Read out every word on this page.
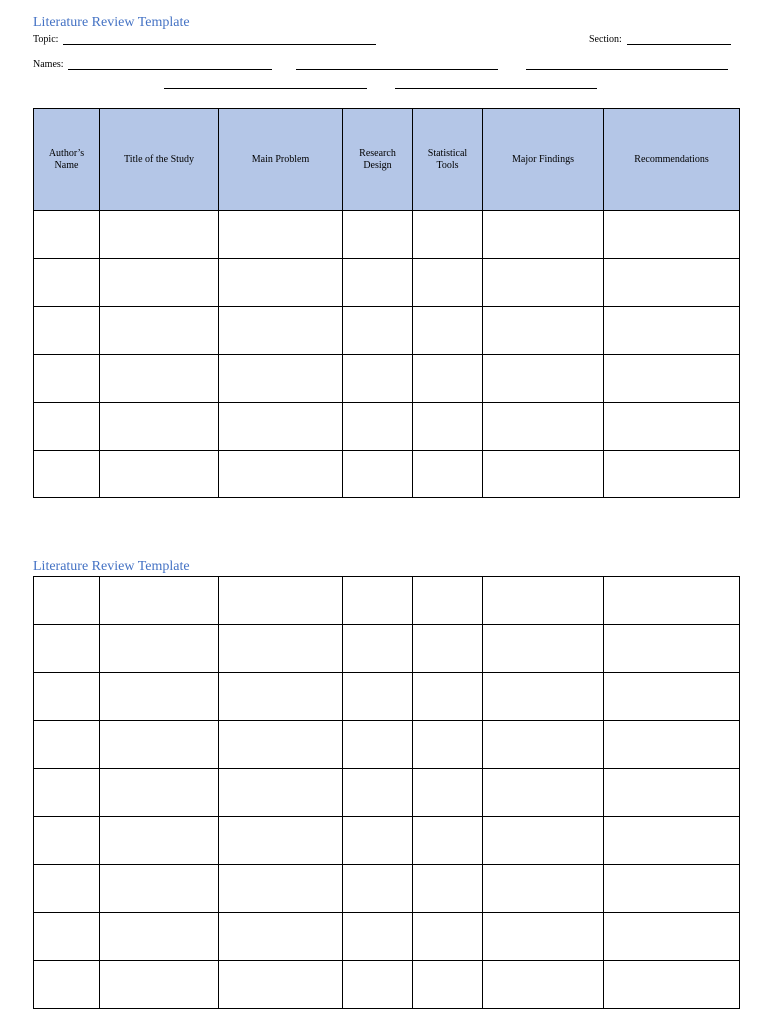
Literature Review Template
Topic:	Section:
Names:
Author’s Name	Title of the Study	Main Problem	Research Design	Statistical Tools	Major Findings	Recommendations

Literature Review Template
